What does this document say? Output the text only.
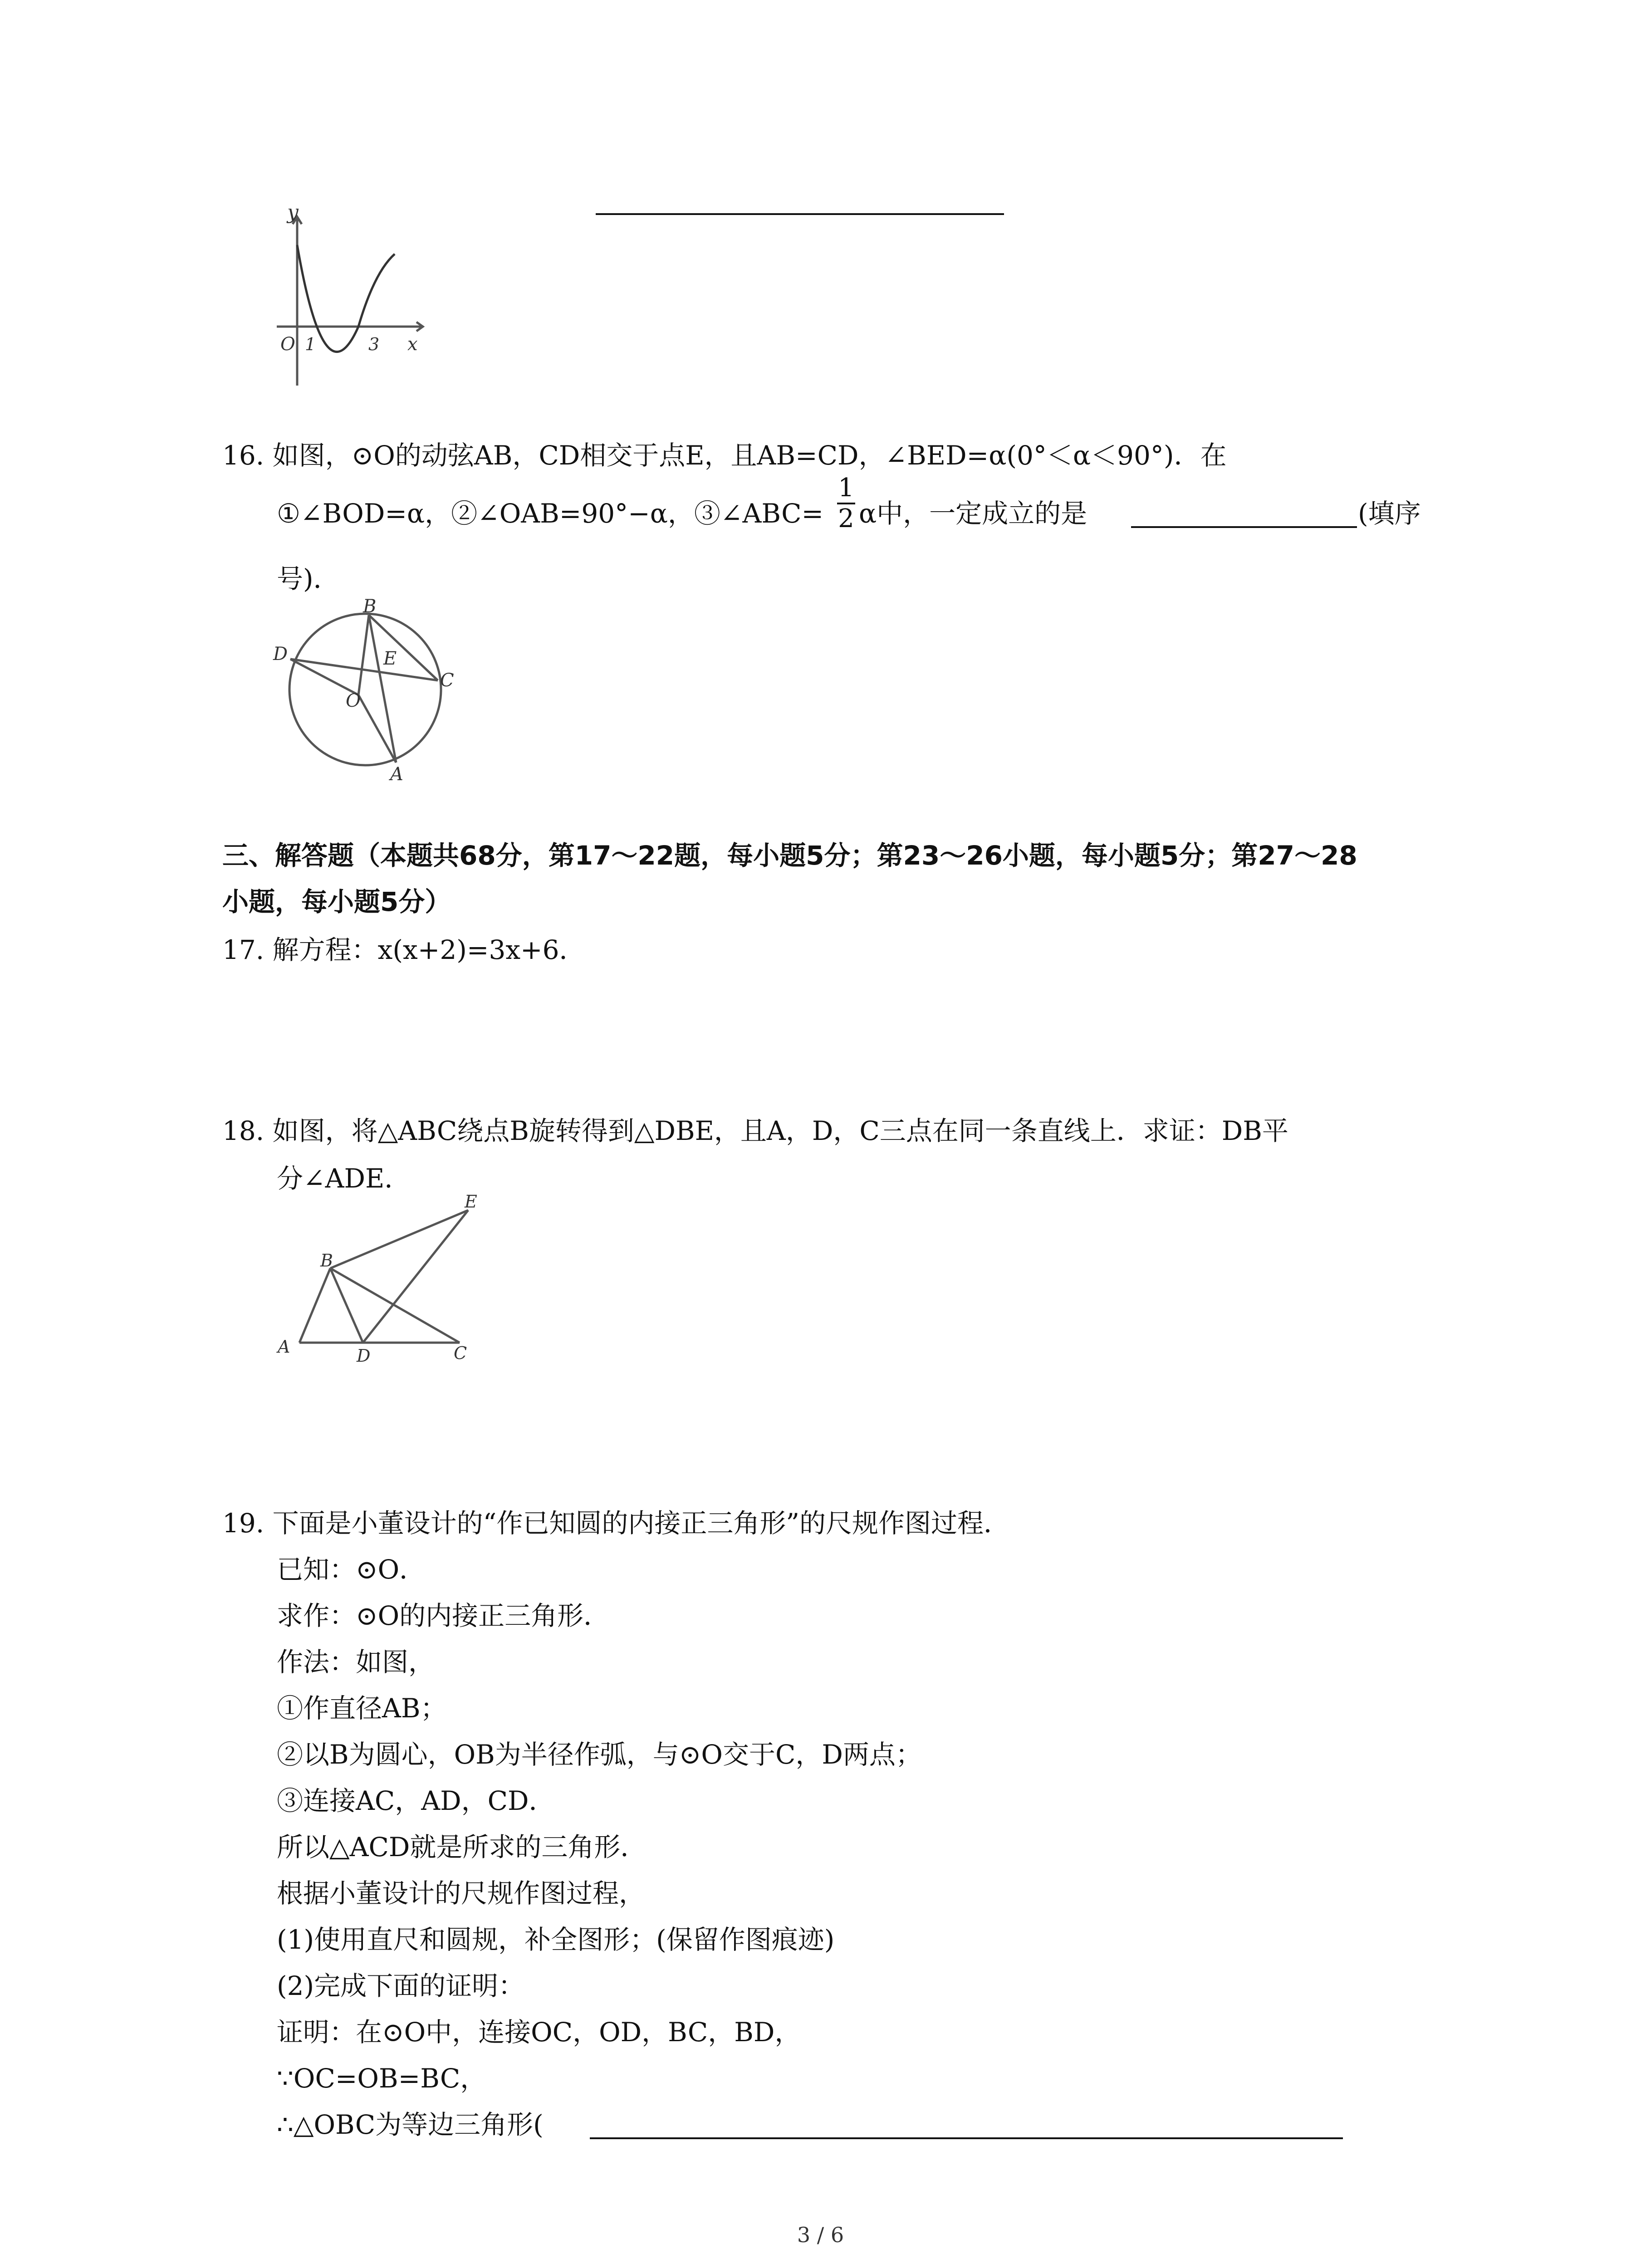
y
O 1	3 x
16. 如图，⊙O的动弦AB，CD相交于点E，且AB=CD，∠BED=α(0°＜α＜90°)．在
①∠BOD=α，②∠OAB=90°−α，③∠ABC=
1
2 α中，一定成立的是	(填序
号)．
B
D	E
C
O
A
三、解答题（本题共68分，第17～22题，每小题5分；第23～26小题，每小题5分；第27～28
小题，每小题5分）
17. 解方程：x(x+2)=3x+6．
18. 如图，将△ABC绕点B旋转得到△DBE，且A，D，C三点在同一条直线上．求证：DB平
分∠ADE．
E
B
A	D	C
19. 下面是小董设计的“作已知圆的内接正三角形”的尺规作图过程．
已知：⊙O．
求作：⊙O的内接正三角形．
作法：如图，
①作直径AB；
②以B为圆心，OB为半径作弧，与⊙O交于C，D两点；
③连接AC，AD，CD．
所以△ACD就是所求的三角形．
根据小董设计的尺规作图过程，
(1)使用直尺和圆规，补全图形；(保留作图痕迹)
(2)完成下面的证明：
证明：在⊙O中，连接OC，OD，BC，BD，
∵OC=OB=BC，
∴△OBC为等边三角形(
3 / 6
